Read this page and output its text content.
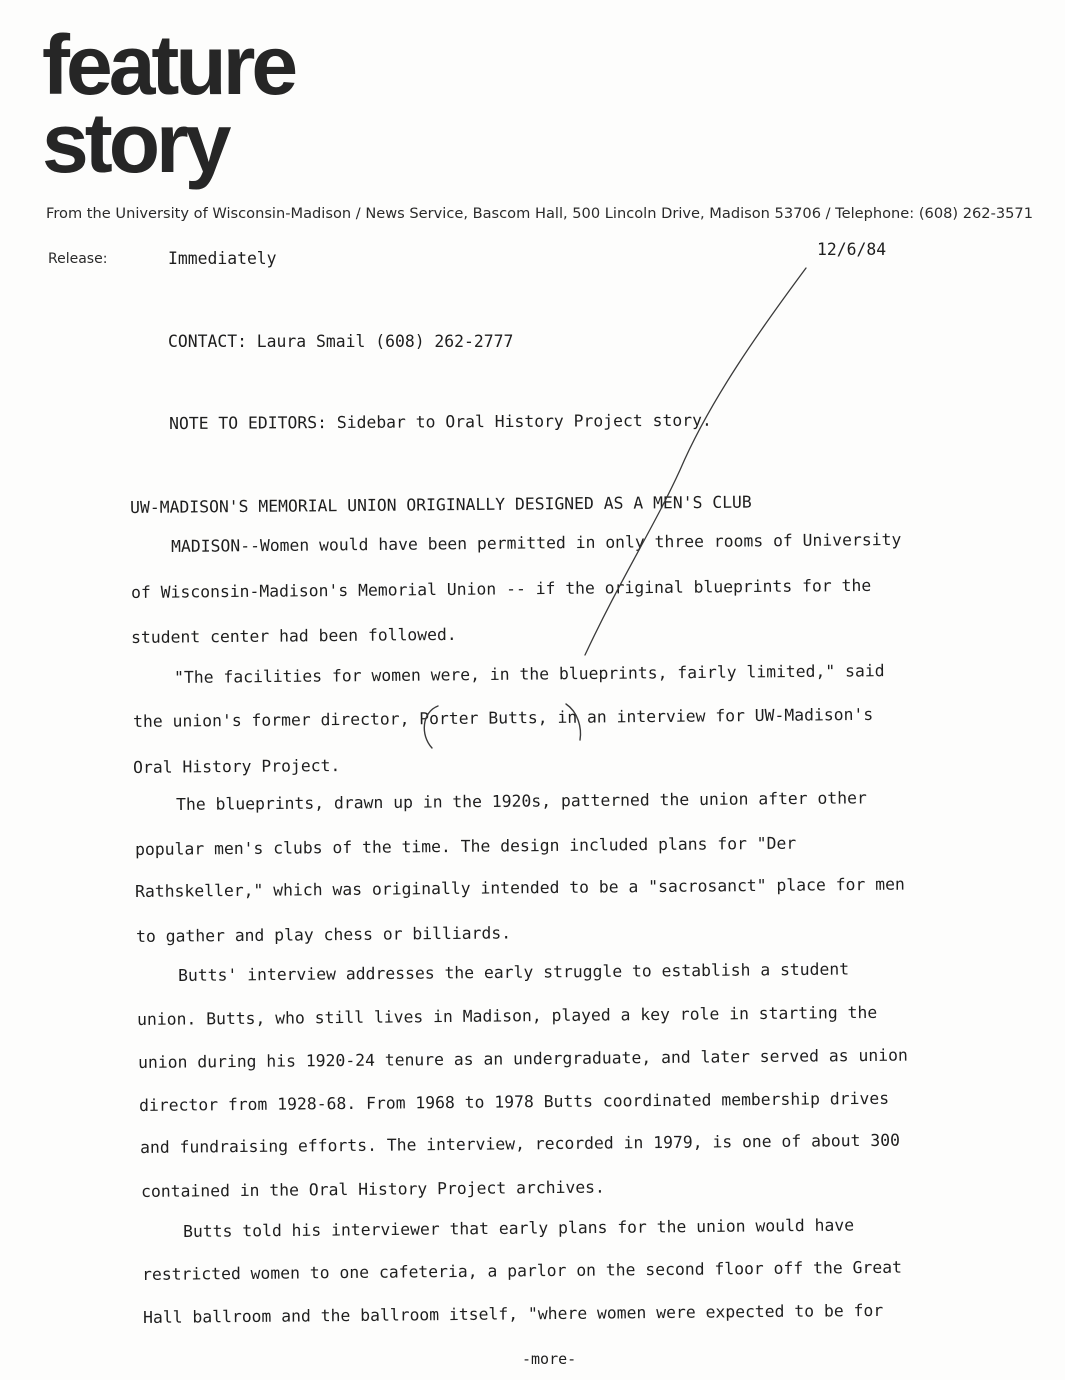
feature
story
From the University of Wisconsin-Madison / News Service, Bascom Hall, 500 Lincoln Drive, Madison 53706 / Telephone: (608) 262-3571
Release:	Immediately	12/6/84
CONTACT: Laura Smail (608) 262-2777
NOTE TO EDITORS: Sidebar to Oral History Project story.
UW-MADISON'S MEMORIAL UNION ORIGINALLY DESIGNED AS A MEN'S CLUB
MADISON--Women would have been permitted in only three rooms of University
of Wisconsin-Madison's Memorial Union -- if the original blueprints for the
student center had been followed.
"The facilities for women were, in the blueprints, fairly limited," said
the union's former director, Porter Butts, in an interview for UW-Madison's
Oral History Project.
The blueprints, drawn up in the 1920s, patterned the union after other
popular men's clubs of the time. The design included plans for "Der
Rathskeller," which was originally intended to be a "sacrosanct" place for men
to gather and play chess or billiards.
Butts' interview addresses the early struggle to establish a student
union. Butts, who still lives in Madison, played a key role in starting the
union during his 1920-24 tenure as an undergraduate, and later served as union
director from 1928-68. From 1968 to 1978 Butts coordinated membership drives
and fundraising efforts. The interview, recorded in 1979, is one of about 300
contained in the Oral History Project archives.
Butts told his interviewer that early plans for the union would have
restricted women to one cafeteria, a parlor on the second floor off the Great
Hall ballroom and the ballroom itself, "where women were expected to be for
-more-
